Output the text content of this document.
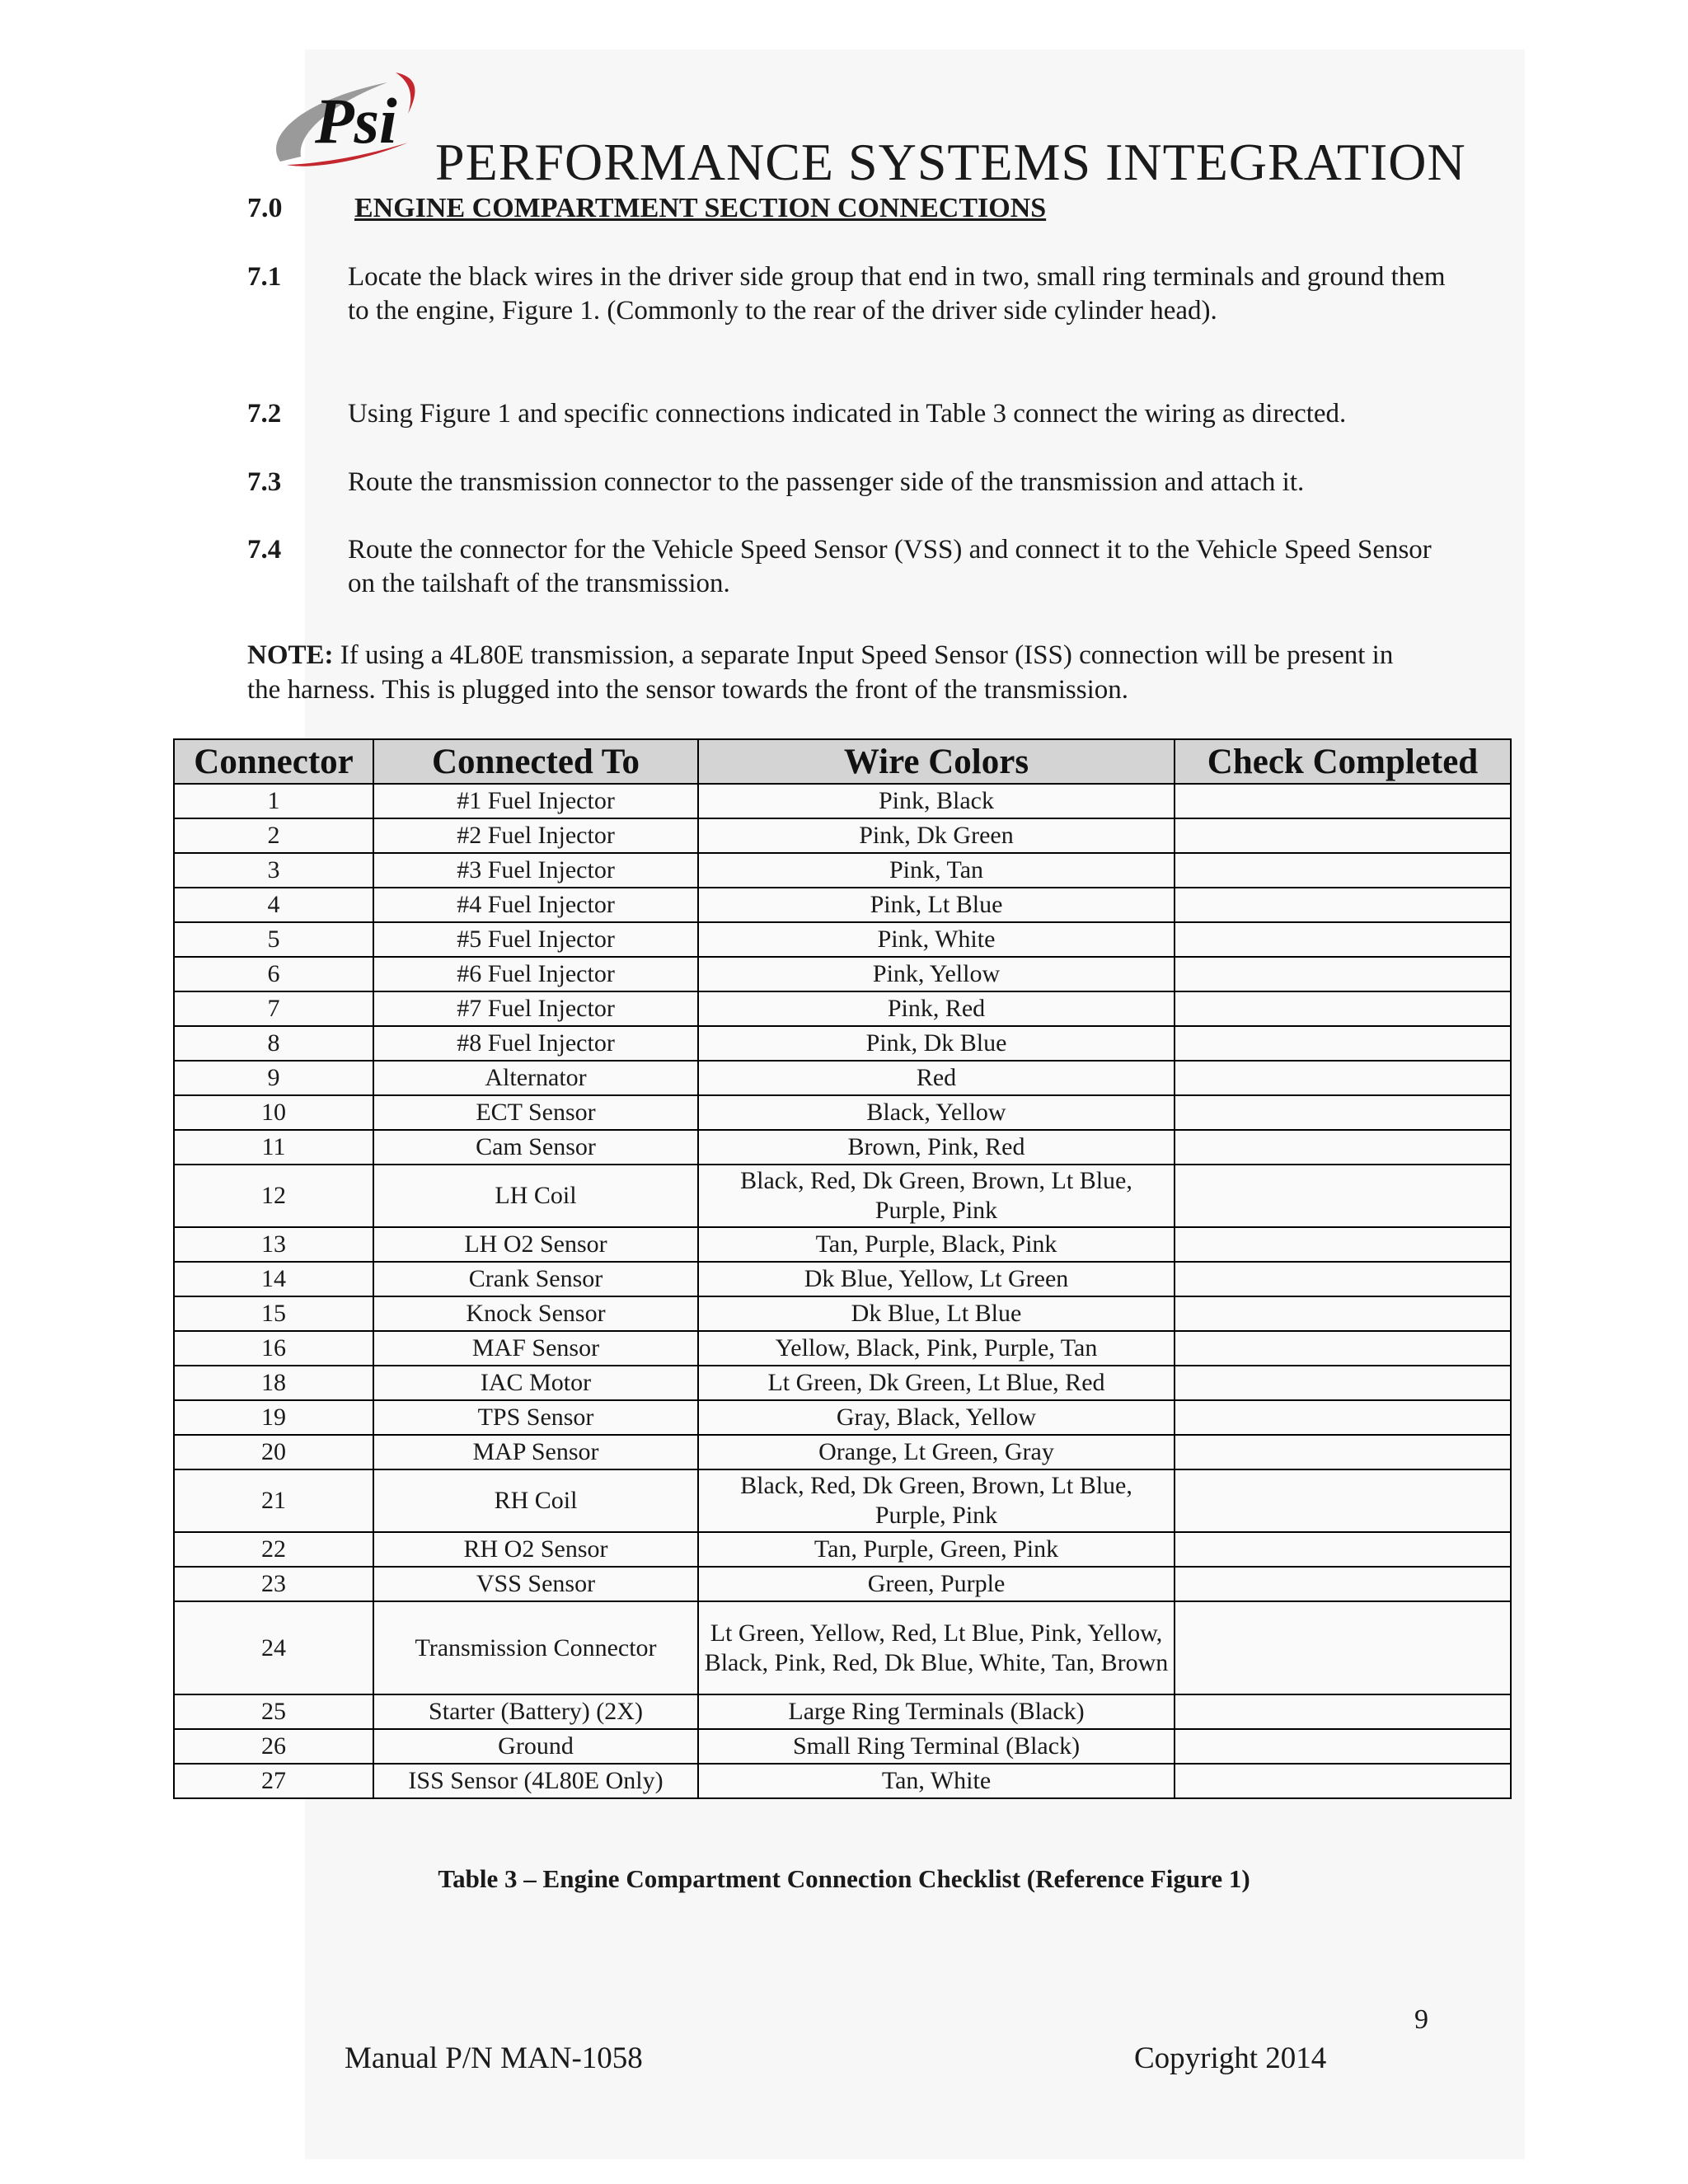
Psi
PERFORMANCE SYSTEMS INTEGRATION
7.0	ENGINE COMPARTMENT SECTION CONNECTIONS
7.1 Locate the black wires in the driver side group that end in two, small ring terminals and ground them to the engine, Figure 1. (Commonly to the rear of the driver side cylinder head).
7.2 Using Figure 1 and specific connections indicated in Table 3 connect the wiring as directed.
7.3 Route the transmission connector to the passenger side of the transmission and attach it.
7.4 Route the connector for the Vehicle Speed Sensor (VSS) and connect it to the Vehicle Speed Sensor on the tailshaft of the transmission.
NOTE: If using a 4L80E transmission, a separate Input Speed Sensor (ISS) connection will be present in the harness. This is plugged into the sensor towards the front of the transmission.
Connector	Connected To	Wire Colors	Check Completed
1	#1 Fuel Injector	Pink, Black	
2	#2 Fuel Injector	Pink, Dk Green	
3	#3 Fuel Injector	Pink, Tan	
4	#4 Fuel Injector	Pink, Lt Blue	
5	#5 Fuel Injector	Pink, White	
6	#6 Fuel Injector	Pink, Yellow	
7	#7 Fuel Injector	Pink, Red	
8	#8 Fuel Injector	Pink, Dk Blue	
9	Alternator	Red	
10	ECT Sensor	Black, Yellow	
11	Cam Sensor	Brown, Pink, Red	
12	LH Coil	Black, Red, Dk Green, Brown, Lt Blue, Purple, Pink	
13	LH O2 Sensor	Tan, Purple, Black, Pink	
14	Crank Sensor	Dk Blue, Yellow, Lt Green	
15	Knock Sensor	Dk Blue, Lt Blue	
16	MAF Sensor	Yellow, Black, Pink, Purple, Tan	
18	IAC Motor	Lt Green, Dk Green, Lt Blue, Red	
19	TPS Sensor	Gray, Black, Yellow	
20	MAP Sensor	Orange, Lt Green, Gray	
21	RH Coil	Black, Red, Dk Green, Brown, Lt Blue, Purple, Pink	
22	RH O2 Sensor	Tan, Purple, Green, Pink	
23	VSS Sensor	Green, Purple	
24	Transmission Connector	Lt Green, Yellow, Red, Lt Blue, Pink, Yellow, Black, Pink, Red, Dk Blue, White, Tan, Brown	
25	Starter (Battery) (2X)	Large Ring Terminals (Black)	
26	Ground	Small Ring Terminal (Black)	
27	ISS Sensor (4L80E Only)	Tan, White	
Table 3 – Engine Compartment Connection Checklist (Reference Figure 1)
9
Manual P/N MAN-1058	Copyright 2014
